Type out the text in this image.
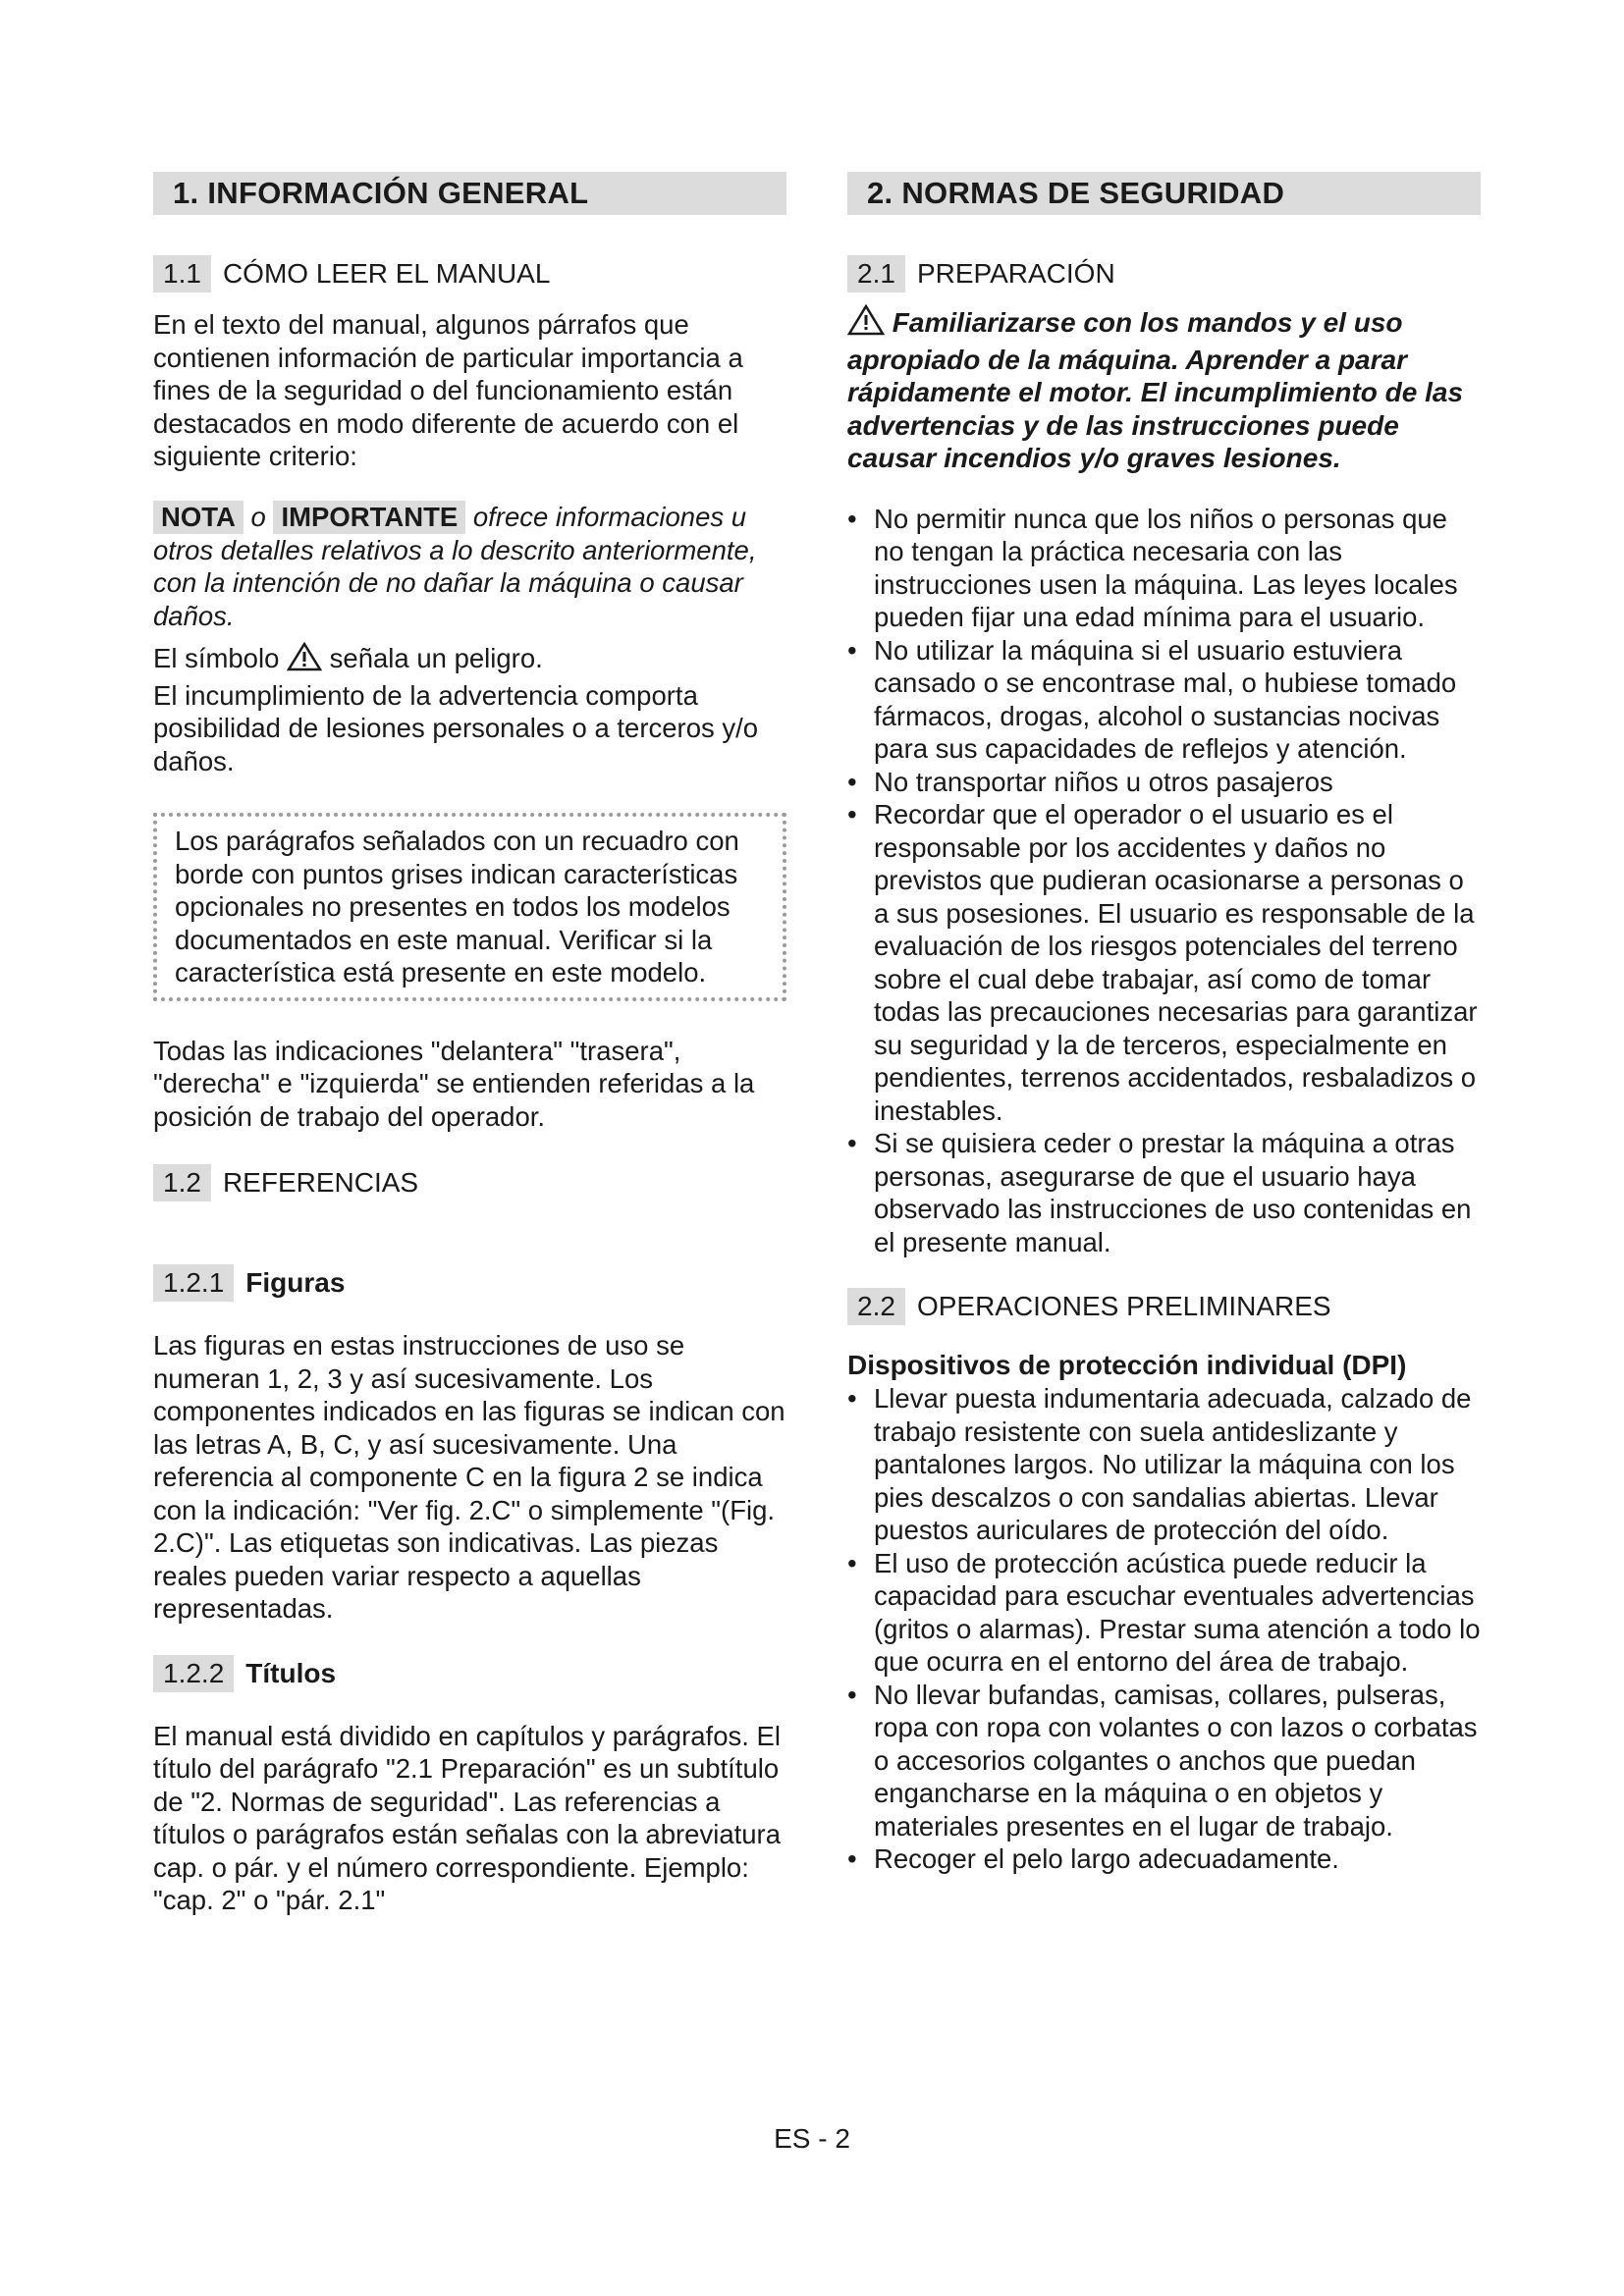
1. INFORMACIÓN GENERAL
1.1 CÓMO LEER EL MANUAL

En el texto del manual, algunos párrafos que contienen información de particular importancia a fines de la seguridad o del funcionamiento están destacados en modo diferente de acuerdo con el siguiente criterio:

NOTA o IMPORTANTE ofrece informaciones u otros detalles relativos a lo descrito anteriormente, con la intención de no dañar la máquina o causar daños.

El símbolo señala un peligro.

El incumplimiento de la advertencia comporta posibilidad de lesiones personales o a terceros y/o daños.

Los parágrafos señalados con un recuadro con borde con puntos grises indican características opcionales no presentes en todos los modelos documentados en este manual. Verificar si la característica está presente en este modelo.

Todas las indicaciones "delantera" "trasera", "derecha" e "izquierda" se entienden referidas a la posición de trabajo del operador.

1.2 REFERENCIAS
1.2.1 Figuras

Las figuras en estas instrucciones de uso se numeran 1, 2, 3 y así sucesivamente. Los componentes indicados en las figuras se indican con las letras A, B, C, y así sucesivamente. Una referencia al componente C en la figura 2 se indica con la indicación: "Ver fig. 2.C" o simplemente "(Fig. 2.C)". Las etiquetas son indicativas. Las piezas reales pueden variar respecto a aquellas representadas.

1.2.2 Títulos

El manual está dividido en capítulos y parágrafos. El título del parágrafo "2.1 Preparación" es un subtítulo de "2. Normas de seguridad". Las referencias a títulos o parágrafos están señalas con la abreviatura cap. o pár. y el número correspondiente. Ejemplo: "cap. 2" o "pár. 2.1"

2. NORMAS DE SEGURIDAD
2.1 PREPARACIÓN

Familiarizarse con los mandos y el uso apropiado de la máquina. Aprender a parar rápidamente el motor. El incumplimiento de las advertencias y de las instrucciones puede causar incendios y/o graves lesiones.

• No permitir nunca que los niños o personas que no tengan la práctica necesaria con las instrucciones usen la máquina. Las leyes locales pueden fijar una edad mínima para el usuario.
• No utilizar la máquina si el usuario estuviera cansado o se encontrase mal, o hubiese tomado fármacos, drogas, alcohol o sustancias nocivas para sus capacidades de reflejos y atención.
• No transportar niños u otros pasajeros
• Recordar que el operador o el usuario es el responsable por los accidentes y daños no previstos que pudieran ocasionarse a personas o a sus posesiones. El usuario es responsable de la evaluación de los riesgos potenciales del terreno sobre el cual debe trabajar, así como de tomar todas las precauciones necesarias para garantizar su seguridad y la de terceros, especialmente en pendientes, terrenos accidentados, resbaladizos o inestables.
• Si se quisiera ceder o prestar la máquina a otras personas, asegurarse de que el usuario haya observado las instrucciones de uso contenidas en el presente manual.
2.2 OPERACIONES PRELIMINARES

Dispositivos de protección individual (DPI)

• Llevar puesta indumentaria adecuada, calzado de trabajo resistente con suela antideslizante y pantalones largos. No utilizar la máquina con los pies descalzos o con sandalias abiertas. Llevar puestos auriculares de protección del oído.
• El uso de protección acústica puede reducir la capacidad para escuchar eventuales advertencias (gritos o alarmas). Prestar suma atención a todo lo que ocurra en el entorno del área de trabajo.
• No llevar bufandas, camisas, collares, pulseras, ropa con ropa con volantes o con lazos o corbatas o accesorios colgantes o anchos que puedan engancharse en la máquina o en objetos y materiales presentes en el lugar de trabajo.
• Recoger el pelo largo adecuadamente.
ES - 2
